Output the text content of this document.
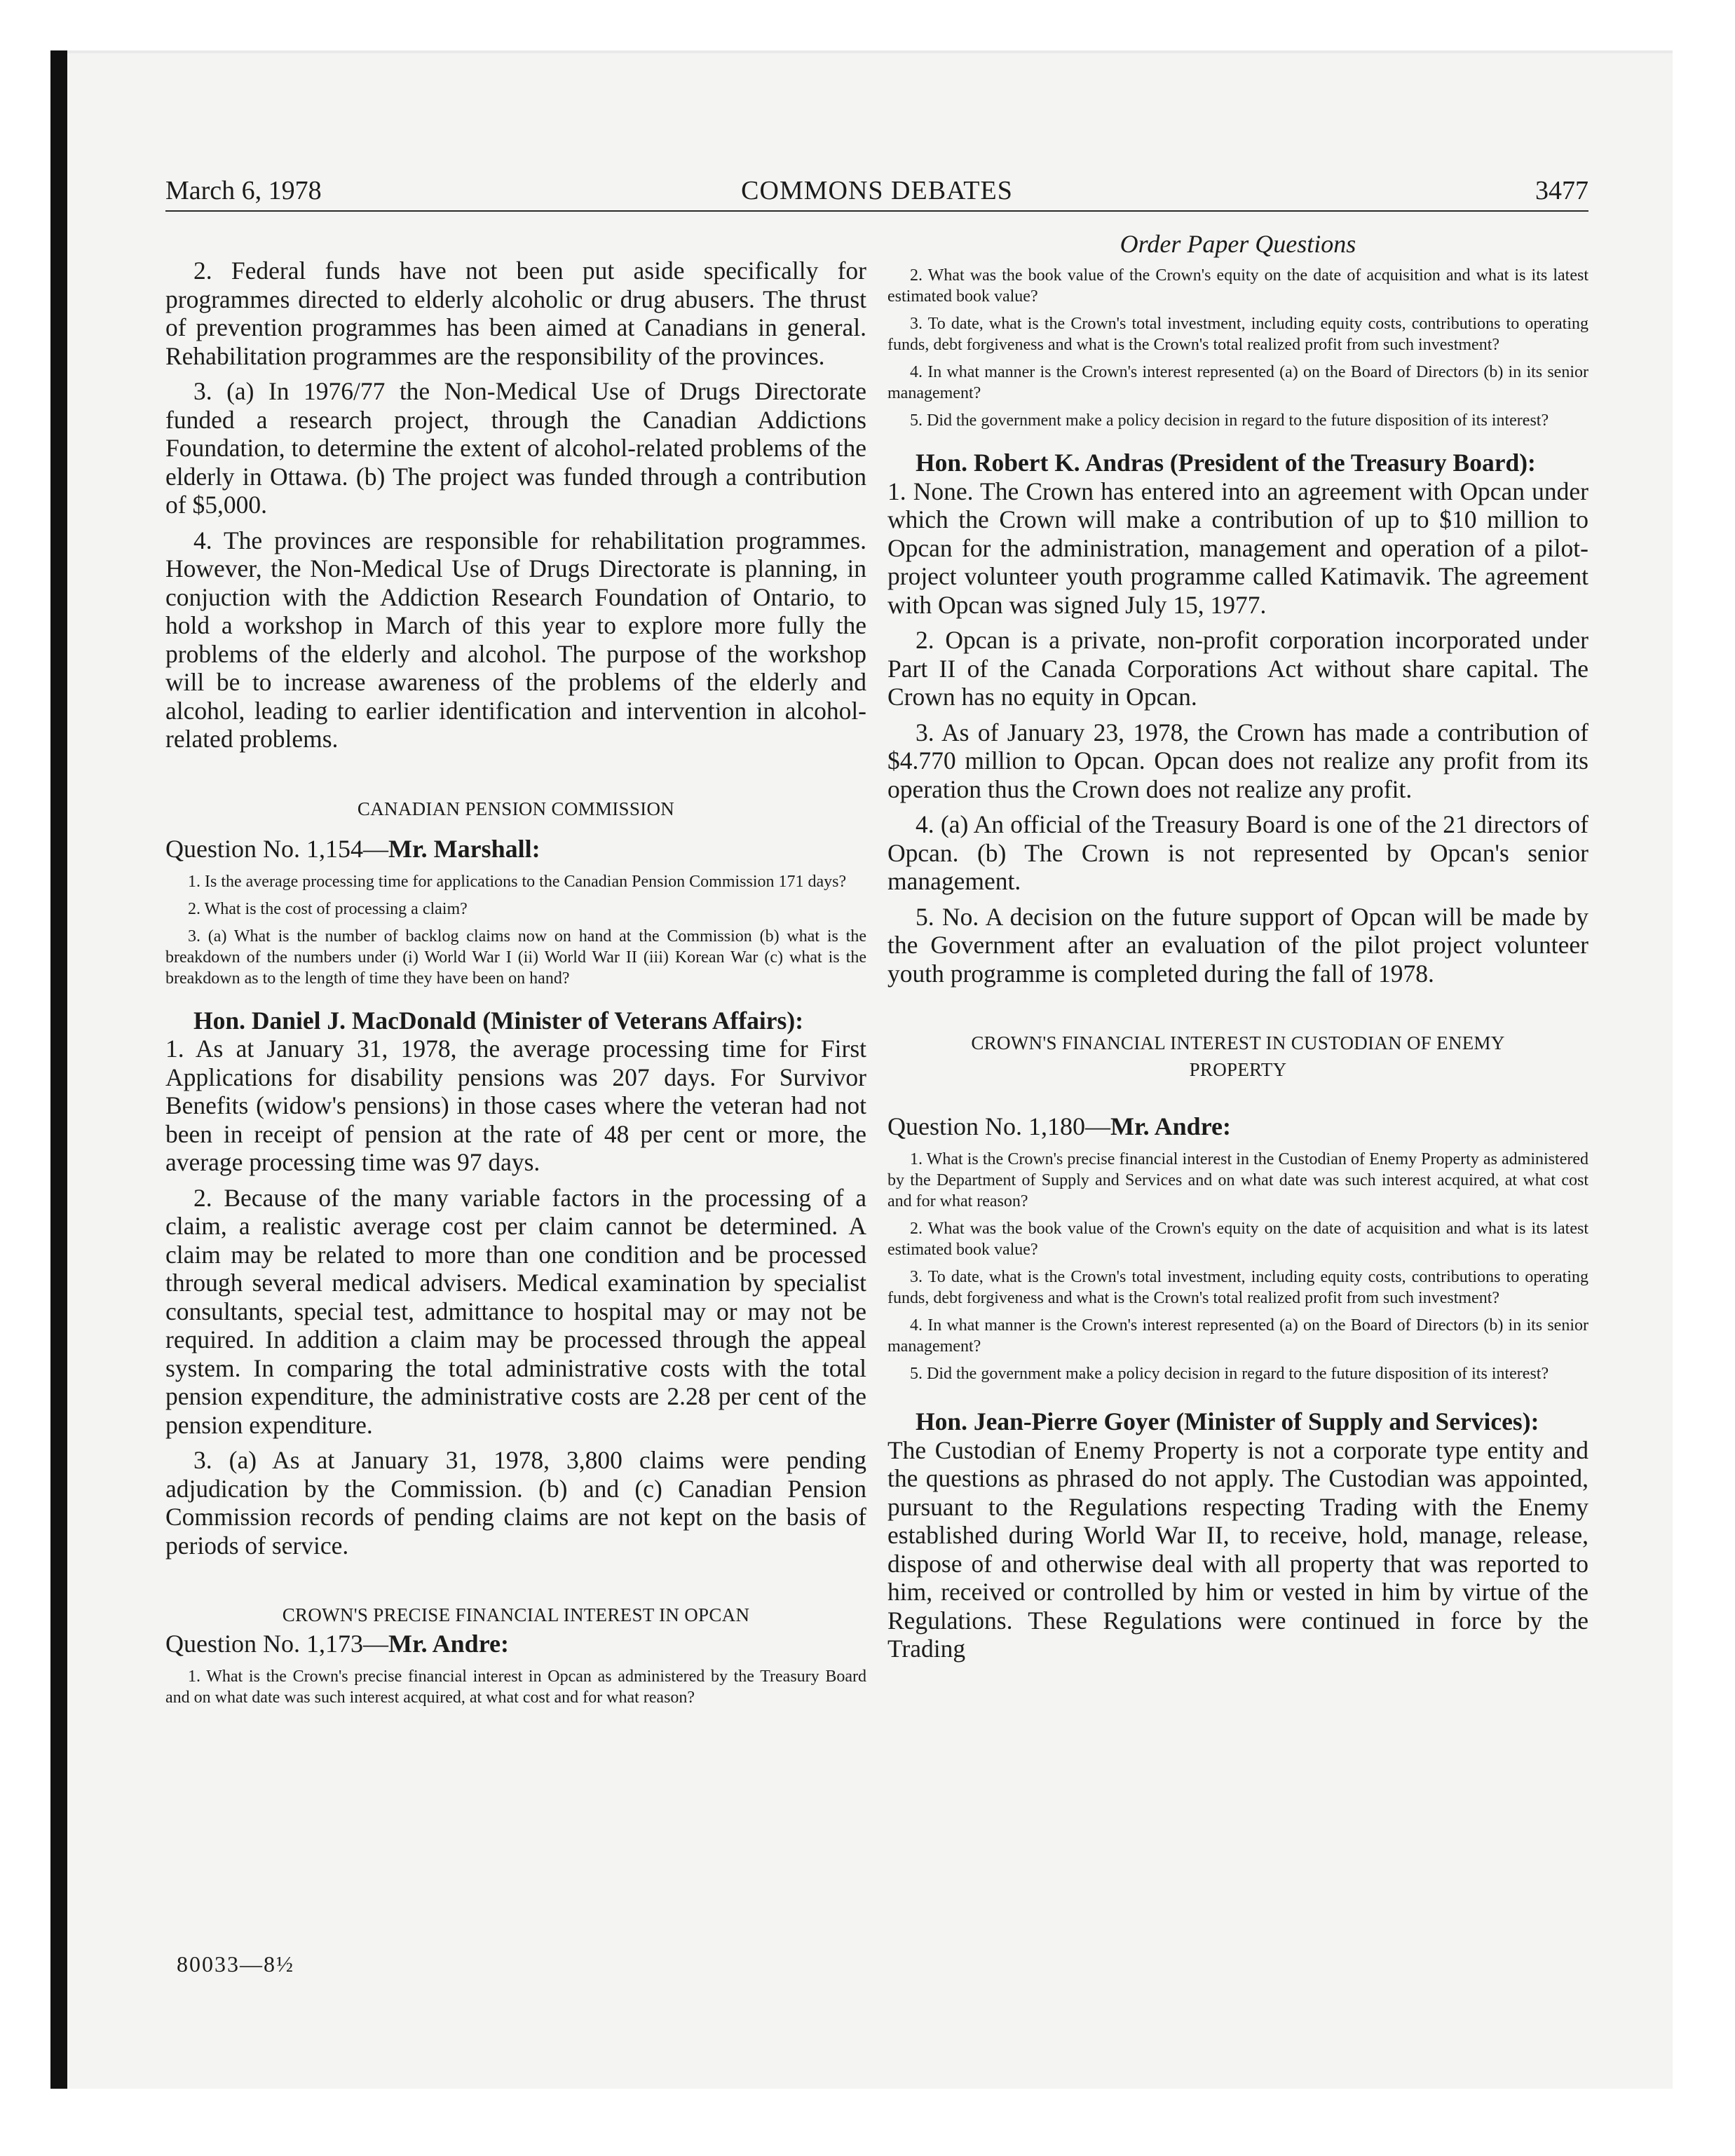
March 6, 1978	COMMONS DEBATES	3477

2. Federal funds have not been put aside specifically for programmes directed to elderly alcoholic or drug abusers. The thrust of prevention programmes has been aimed at Canadians in general. Rehabilitation programmes are the responsibility of the provinces.

3. (a) In 1976/77 the Non-Medical Use of Drugs Directorate funded a research project, through the Canadian Addictions Foundation, to determine the extent of alcohol-related problems of the elderly in Ottawa. (b) The project was funded through a contribution of $5,000.

4. The provinces are responsible for rehabilitation programmes. However, the Non-Medical Use of Drugs Directorate is planning, in conjuction with the Addiction Research Foundation of Ontario, to hold a workshop in March of this year to explore more fully the problems of the elderly and alcohol. The purpose of the workshop will be to increase awareness of the problems of the elderly and alcohol, leading to earlier identification and intervention in alcohol-related problems.

CANADIAN PENSION COMMISSION

Question No. 1,154—Mr. Marshall:

1. Is the average processing time for applications to the Canadian Pension Commission 171 days?

2. What is the cost of processing a claim?

3. (a) What is the number of backlog claims now on hand at the Commission (b) what is the breakdown of the numbers under (i) World War I (ii) World War II (iii) Korean War (c) what is the breakdown as to the length of time they have been on hand?

Hon. Daniel J. MacDonald (Minister of Veterans Affairs):

1. As at January 31, 1978, the average processing time for First Applications for disability pensions was 207 days. For Survivor Benefits (widow's pensions) in those cases where the veteran had not been in receipt of pension at the rate of 48 per cent or more, the average processing time was 97 days.

2. Because of the many variable factors in the processing of a claim, a realistic average cost per claim cannot be determined. A claim may be related to more than one condition and be processed through several medical advisers. Medical examination by specialist consultants, special test, admittance to hospital may or may not be required. In addition a claim may be processed through the appeal system. In comparing the total administrative costs with the total pension expenditure, the administrative costs are 2.28 per cent of the pension expenditure.

3. (a) As at January 31, 1978, 3,800 claims were pending adjudication by the Commission. (b) and (c) Canadian Pension Commission records of pending claims are not kept on the basis of periods of service.

CROWN'S PRECISE FINANCIAL INTEREST IN OPCAN

Question No. 1,173—Mr. Andre:

1. What is the Crown's precise financial interest in Opcan as administered by the Treasury Board and on what date was such interest acquired, at what cost and for what reason?

Order Paper Questions

2. What was the book value of the Crown's equity on the date of acquisition and what is its latest estimated book value?

3. To date, what is the Crown's total investment, including equity costs, contributions to operating funds, debt forgiveness and what is the Crown's total realized profit from such investment?

4. In what manner is the Crown's interest represented (a) on the Board of Directors (b) in its senior management?

5. Did the government make a policy decision in regard to the future disposition of its interest?

Hon. Robert K. Andras (President of the Treasury Board):

1. None. The Crown has entered into an agreement with Opcan under which the Crown will make a contribution of up to $10 million to Opcan for the administration, management and operation of a pilot-project volunteer youth programme called Katimavik. The agreement with Opcan was signed July 15, 1977.

2. Opcan is a private, non-profit corporation incorporated under Part II of the Canada Corporations Act without share capital. The Crown has no equity in Opcan.

3. As of January 23, 1978, the Crown has made a contribution of $4.770 million to Opcan. Opcan does not realize any profit from its operation thus the Crown does not realize any profit.

4. (a) An official of the Treasury Board is one of the 21 directors of Opcan. (b) The Crown is not represented by Opcan's senior management.

5. No. A decision on the future support of Opcan will be made by the Government after an evaluation of the pilot project volunteer youth programme is completed during the fall of 1978.

CROWN'S FINANCIAL INTEREST IN CUSTODIAN OF ENEMY PROPERTY

Question No. 1,180—Mr. Andre:

1. What is the Crown's precise financial interest in the Custodian of Enemy Property as administered by the Department of Supply and Services and on what date was such interest acquired, at what cost and for what reason?

2. What was the book value of the Crown's equity on the date of acquisition and what is its latest estimated book value?

3. To date, what is the Crown's total investment, including equity costs, contributions to operating funds, debt forgiveness and what is the Crown's total realized profit from such investment?

4. In what manner is the Crown's interest represented (a) on the Board of Directors (b) in its senior management?

5. Did the government make a policy decision in regard to the future disposition of its interest?

Hon. Jean-Pierre Goyer (Minister of Supply and Services):

The Custodian of Enemy Property is not a corporate type entity and the questions as phrased do not apply. The Custodian was appointed, pursuant to the Regulations respecting Trading with the Enemy established during World War II, to receive, hold, manage, release, dispose of and otherwise deal with all property that was reported to him, received or controlled by him or vested in him by virtue of the Regulations. These Regulations were continued in force by the Trading

80033—8½
